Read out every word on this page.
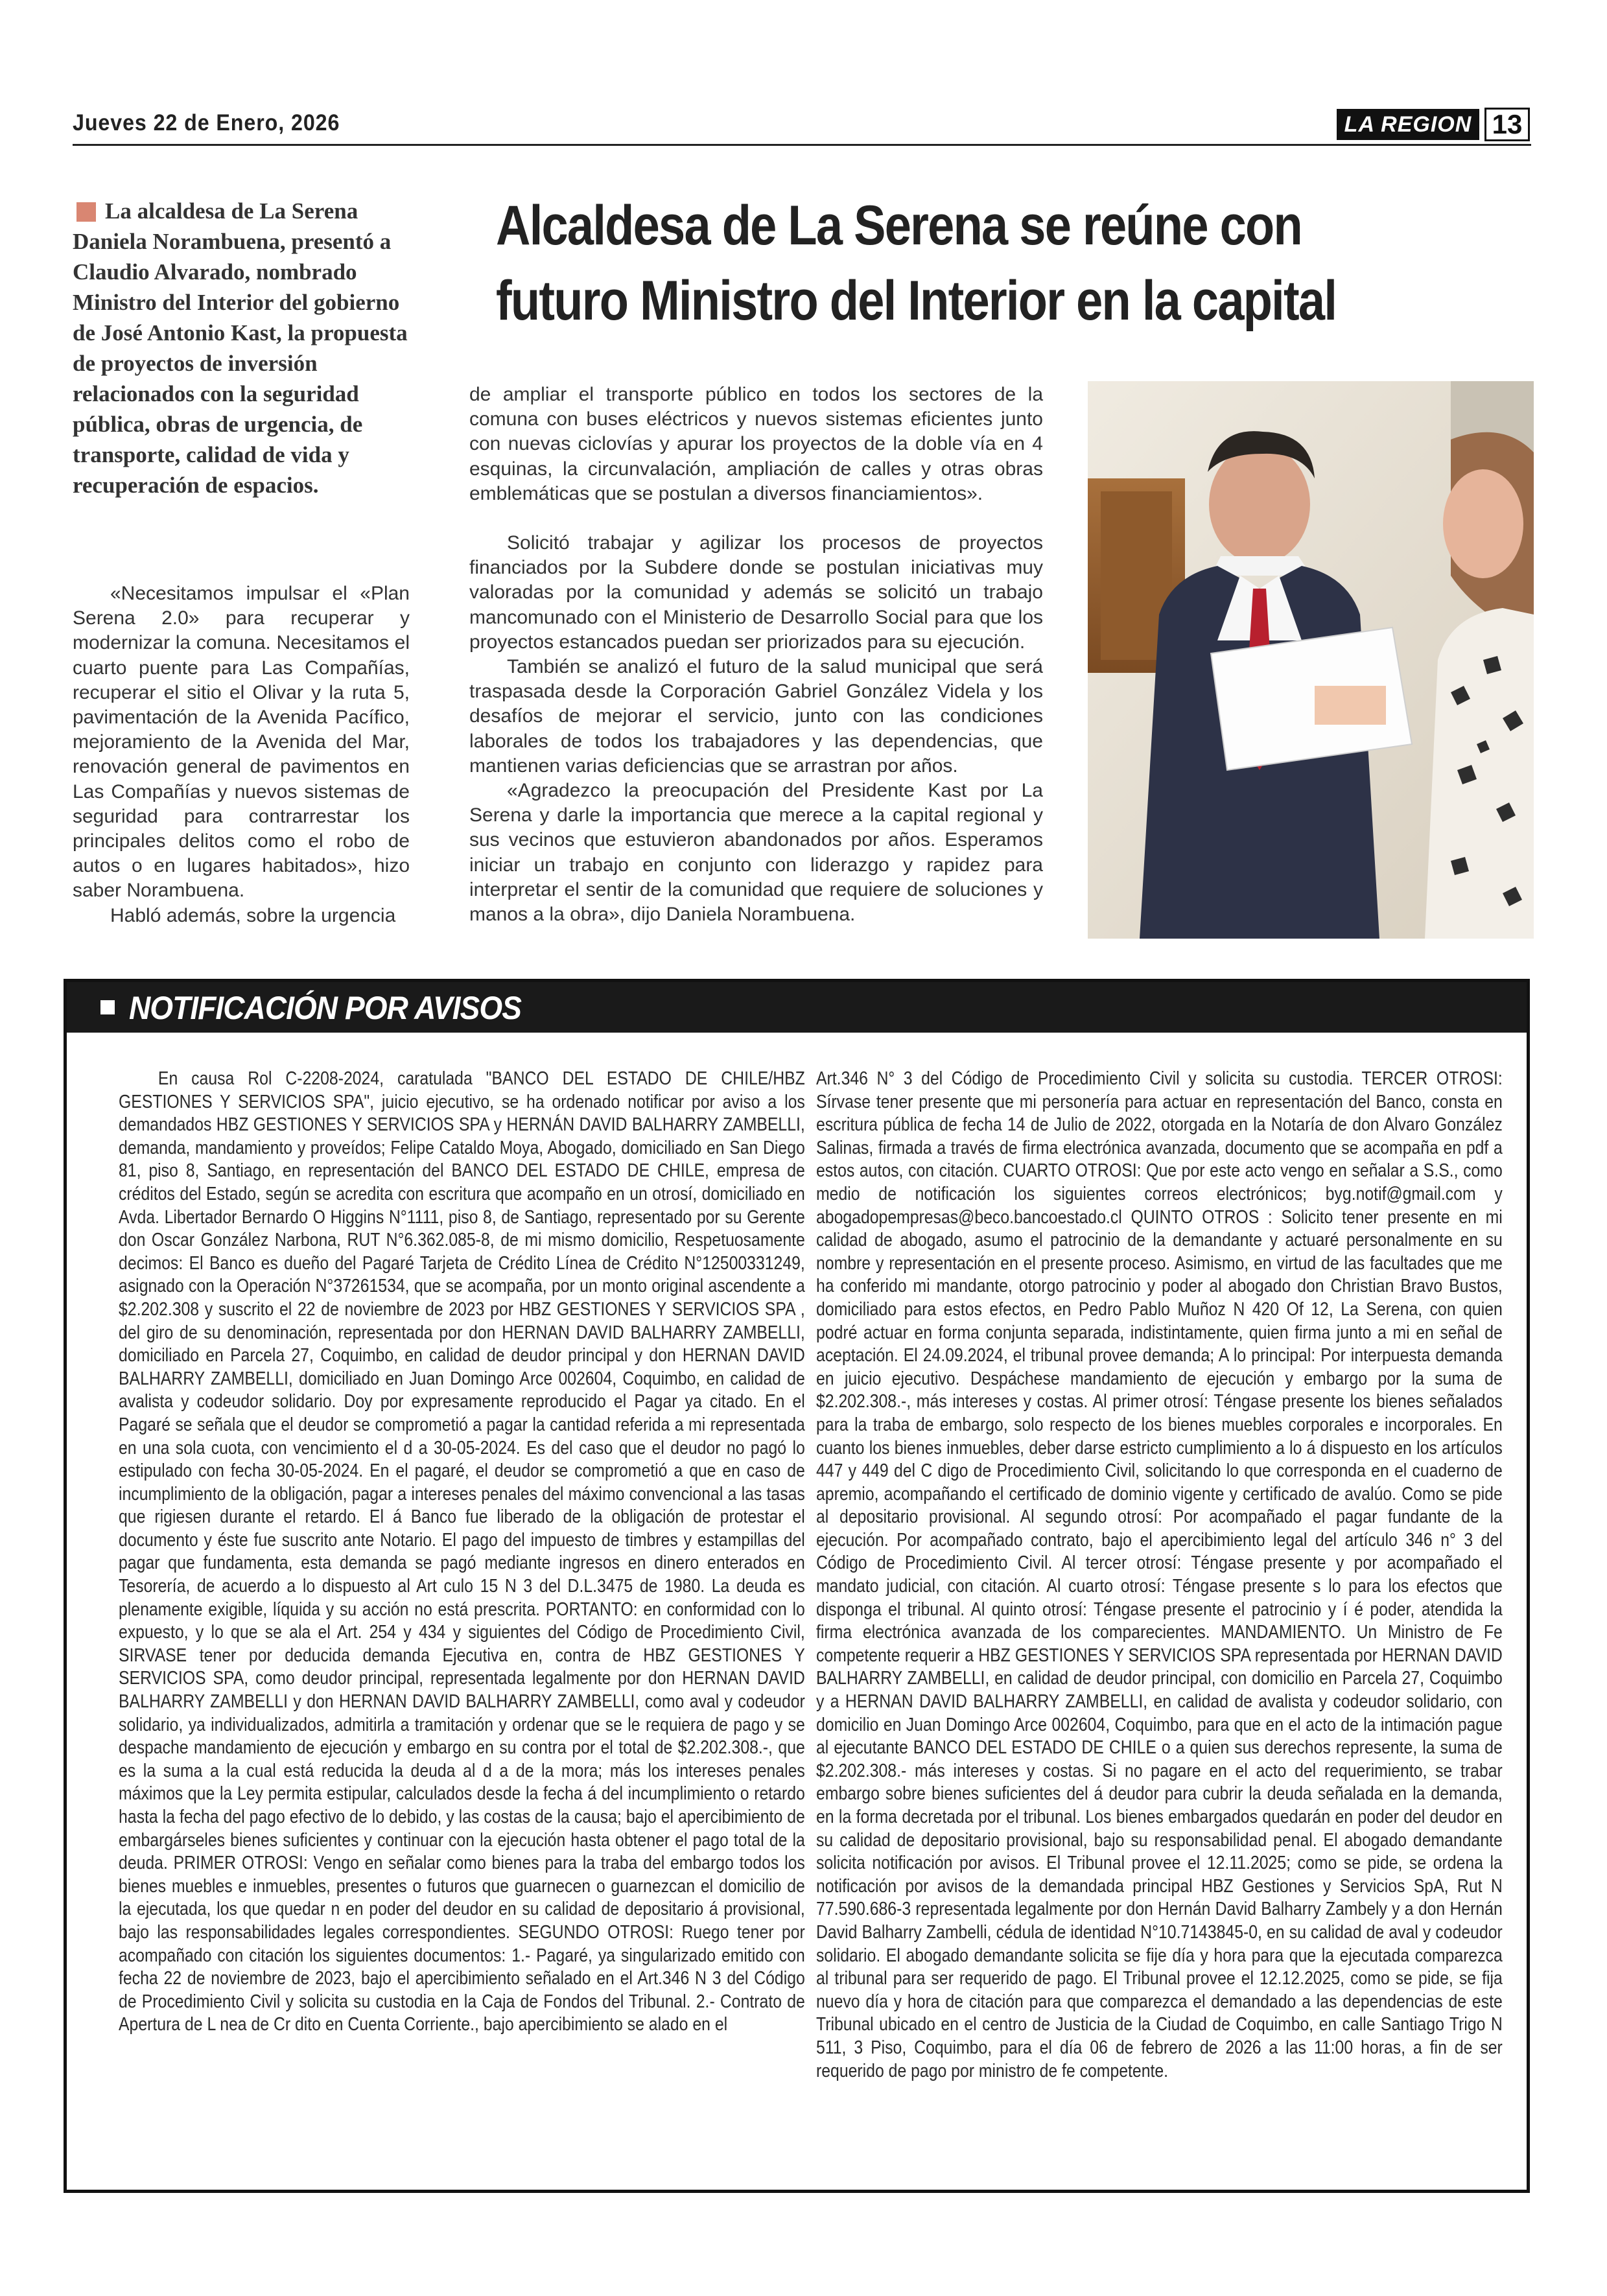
Jueves 22 de Enero, 2026	LA REGION 13
La alcaldesa de La Serena Daniela Norambuena, presentó a Claudio Alvarado, nombrado Ministro del Interior del gobierno de José Antonio Kast, la propuesta de proyectos de inversión relacionados con la seguridad pública, obras de urgencia, de transporte, calidad de vida y recuperación de espacios.
Alcaldesa de La Serena se reúne con
futuro Ministro del Interior en la capital

«Necesitamos impulsar el «Plan Serena 2.0» para recuperar y modernizar la comuna. Necesitamos el cuarto puente para Las Compañías, recuperar el sitio el Olivar y la ruta 5, pavimentación de la Avenida Pacífico, mejoramiento de la Avenida del Mar, renovación general de pavimentos en Las Compañías y nuevos sistemas de seguridad para contrarrestar los principales delitos como el robo de autos o en lugares habitados», hizo saber Norambuena.

Habló además, sobre la urgencia

de ampliar el transporte público en todos los sectores de la comuna con buses eléctricos y nuevos sistemas eficientes junto con nuevas ciclovías y apurar los proyectos de la doble vía en 4 esquinas, la circunvalación, ampliación de calles y otras obras emblemáticas que se postulan a diversos financiamientos».

Solicitó trabajar y agilizar los procesos de proyectos financiados por la Subdere donde se postulan iniciativas muy valoradas por la comunidad y además se solicitó un trabajo mancomunado con el Ministerio de Desarrollo Social para que los proyectos estancados puedan ser priorizados para su ejecución.

También se analizó el futuro de la salud municipal que será traspasada desde la Corporación Gabriel González Videla y los desafíos de mejorar el servicio, junto con las condiciones laborales de todos los trabajadores y las dependencias, que mantienen varias deficiencias que se arrastran por años.

«Agradezco la preocupación del Presidente Kast por La Serena y darle la importancia que merece a la capital regional y sus vecinos que estuvieron abandonados por años. Esperamos iniciar un trabajo en conjunto con liderazgo y rapidez para interpretar el sentir de la comunidad que requiere de soluciones y manos a la obra», dijo Daniela Norambuena.

NOTIFICACIÓN POR AVISOS

En causa Rol C-2208-2024, caratulada "BANCO DEL ESTADO DE CHILE/HBZ GESTIONES Y SERVICIOS SPA", juicio ejecutivo, se ha ordenado notificar por aviso a los demandados HBZ GESTIONES Y SERVICIOS SPA y HERNÁN DAVID BALHARRY ZAMBELLI, demanda, mandamiento y proveídos; Felipe Cataldo Moya, Abogado, domiciliado en San Diego 81, piso 8, Santiago, en representación del BANCO DEL ESTADO DE CHILE, empresa de créditos del Estado, según se acredita con escritura que acompaño en un otrosí, domiciliado en Avda. Libertador Bernardo O Higgins N°1111, piso 8, de Santiago, representado por su Gerente don Oscar González Narbona, RUT N°6.362.085-8, de mi mismo domicilio, Respetuosamente decimos: El Banco es dueño del Pagaré Tarjeta de Crédito Línea de Crédito N°12500331249, asignado con la Operación N°37261534, que se acompaña, por un monto original ascendente a $2.202.308 y suscrito el 22 de noviembre de 2023 por HBZ GESTIONES Y SERVICIOS SPA , del giro de su denominación, representada por don HERNAN DAVID BALHARRY ZAMBELLI, domiciliado en Parcela 27, Coquimbo, en calidad de deudor principal y don HERNAN DAVID BALHARRY ZAMBELLI, domiciliado en Juan Domingo Arce 002604, Coquimbo, en calidad de avalista y codeudor solidario. Doy por expresamente reproducido el Pagar ya citado. En el Pagaré se señala que el deudor se comprometió a pagar la cantidad referida a mi representada en una sola cuota, con vencimiento el d a 30-05-2024. Es del caso que el deudor no pagó lo estipulado con fecha 30-05-2024. En el pagaré, el deudor se comprometió a que en caso de incumplimiento de la obligación, pagar a intereses penales del máximo convencional a las tasas que rigiesen durante el retardo. El á Banco fue liberado de la obligación de protestar el documento y éste fue suscrito ante Notario. El pago del impuesto de timbres y estampillas del pagar que fundamenta, esta demanda se pagó mediante ingresos en dinero enterados en Tesorería, de acuerdo a lo dispuesto al Art culo 15 N 3 del D.L.3475 de 1980. La deuda es plenamente exigible, líquida y su acción no está prescrita. PORTANTO: en conformidad con lo expuesto, y lo que se ala el Art. 254 y 434 y siguientes del Código de Procedimiento Civil, SIRVASE tener por deducida demanda Ejecutiva en, contra de HBZ GESTIONES Y SERVICIOS SPA, como deudor principal, representada legalmente por don HERNAN DAVID BALHARRY ZAMBELLI y don HERNAN DAVID BALHARRY ZAMBELLI, como aval y codeudor solidario, ya individualizados, admitirla a tramitación y ordenar que se le requiera de pago y se despache mandamiento de ejecución y embargo en su contra por el total de $2.202.308.-, que es la suma a la cual está reducida la deuda al d a de la mora; más los intereses penales máximos que la Ley permita estipular, calculados desde la fecha á del incumplimiento o retardo hasta la fecha del pago efectivo de lo debido, y las costas de la causa; bajo el apercibimiento de embargárseles bienes suficientes y continuar con la ejecución hasta obtener el pago total de la deuda. PRIMER OTROSI: Vengo en señalar como bienes para la traba del embargo todos los bienes muebles e inmuebles, presentes o futuros que guarnecen o guarnezcan el domicilio de la ejecutada, los que quedar n en poder del deudor en su calidad de depositario á provisional, bajo las responsabilidades legales correspondientes. SEGUNDO OTROSI: Ruego tener por acompañado con citación los siguientes documentos: 1.- Pagaré, ya singularizado emitido con fecha 22 de noviembre de 2023, bajo el apercibimiento señalado en el Art.346 N 3 del Código de Procedimiento Civil y solicita su custodia en la Caja de Fondos del Tribunal. 2.- Contrato de Apertura de L nea de Cr dito en Cuenta Corriente., bajo apercibimiento se alado en el

Art.346 N° 3 del Código de Procedimiento Civil y solicita su custodia. TERCER OTROSI: Sírvase tener presente que mi personería para actuar en representación del Banco, consta en escritura pública de fecha 14 de Julio de 2022, otorgada en la Notaría de don Alvaro González Salinas, firmada a través de firma electrónica avanzada, documento que se acompaña en pdf a estos autos, con citación. CUARTO OTROSI: Que por este acto vengo en señalar a S.S., como medio de notificación los siguientes correos electrónicos; byg.notif@gmail.com y abogadopempresas@beco.bancoestado.cl QUINTO OTROS : Solicito tener presente en mi calidad de abogado, asumo el patrocinio de la demandante y actuaré personalmente en su nombre y representación en el presente proceso. Asimismo, en virtud de las facultades que me ha conferido mi mandante, otorgo patrocinio y poder al abogado don Christian Bravo Bustos, domiciliado para estos efectos, en Pedro Pablo Muñoz N 420 Of 12, La Serena, con quien podré actuar en forma conjunta separada, indistintamente, quien firma junto a mi en señal de aceptación. El 24.09.2024, el tribunal provee demanda; A lo principal: Por interpuesta demanda en juicio ejecutivo. Despáchese mandamiento de ejecución y embargo por la suma de $2.202.308.-, más intereses y costas. Al primer otrosí: Téngase presente los bienes señalados para la traba de embargo, solo respecto de los bienes muebles corporales e incorporales. En cuanto los bienes inmuebles, deber darse estricto cumplimiento a lo á dispuesto en los artículos 447 y 449 del C digo de Procedimiento Civil, solicitando lo que corresponda en el cuaderno de apremio, acompañando el certificado de dominio vigente y certificado de avalúo. Como se pide al depositario provisional. Al segundo otrosí: Por acompañado el pagar fundante de la ejecución. Por acompañado contrato, bajo el apercibimiento legal del artículo 346 n° 3 del Código de Procedimiento Civil. Al tercer otrosí: Téngase presente y por acompañado el mandato judicial, con citación. Al cuarto otrosí: Téngase presente s lo para los efectos que disponga el tribunal. Al quinto otrosí: Téngase presente el patrocinio y í é poder, atendida la firma electrónica avanzada de los comparecientes. MANDAMIENTO. Un Ministro de Fe competente requerir a HBZ GESTIONES Y SERVICIOS SPA representada por HERNAN DAVID BALHARRY ZAMBELLI, en calidad de deudor principal, con domicilio en Parcela 27, Coquimbo y a HERNAN DAVID BALHARRY ZAMBELLI, en calidad de avalista y codeudor solidario, con domicilio en Juan Domingo Arce 002604, Coquimbo, para que en el acto de la intimación pague al ejecutante BANCO DEL ESTADO DE CHILE o a quien sus derechos represente, la suma de $2.202.308.- más intereses y costas. Si no pagare en el acto del requerimiento, se trabar embargo sobre bienes suficientes del á deudor para cubrir la deuda señalada en la demanda, en la forma decretada por el tribunal. Los bienes embargados quedarán en poder del deudor en su calidad de depositario provisional, bajo su responsabilidad penal. El abogado demandante solicita notificación por avisos. El Tribunal provee el 12.11.2025; como se pide, se ordena la notificación por avisos de la demandada principal HBZ Gestiones y Servicios SpA, Rut N 77.590.686-3 representada legalmente por don Hernán David Balharry Zambely y a don Hernán David Balharry Zambelli, cédula de identidad N°10.7143845-0, en su calidad de aval y codeudor solidario. El abogado demandante solicita se fije día y hora para que la ejecutada comparezca al tribunal para ser requerido de pago. El Tribunal provee el 12.12.2025, como se pide, se fija nuevo día y hora de citación para que comparezca el demandado a las dependencias de este Tribunal ubicado en el centro de Justicia de la Ciudad de Coquimbo, en calle Santiago Trigo N 511, 3 Piso, Coquimbo, para el día 06 de febrero de 2026 a las 11:00 horas, a fin de ser requerido de pago por ministro de fe competente.
